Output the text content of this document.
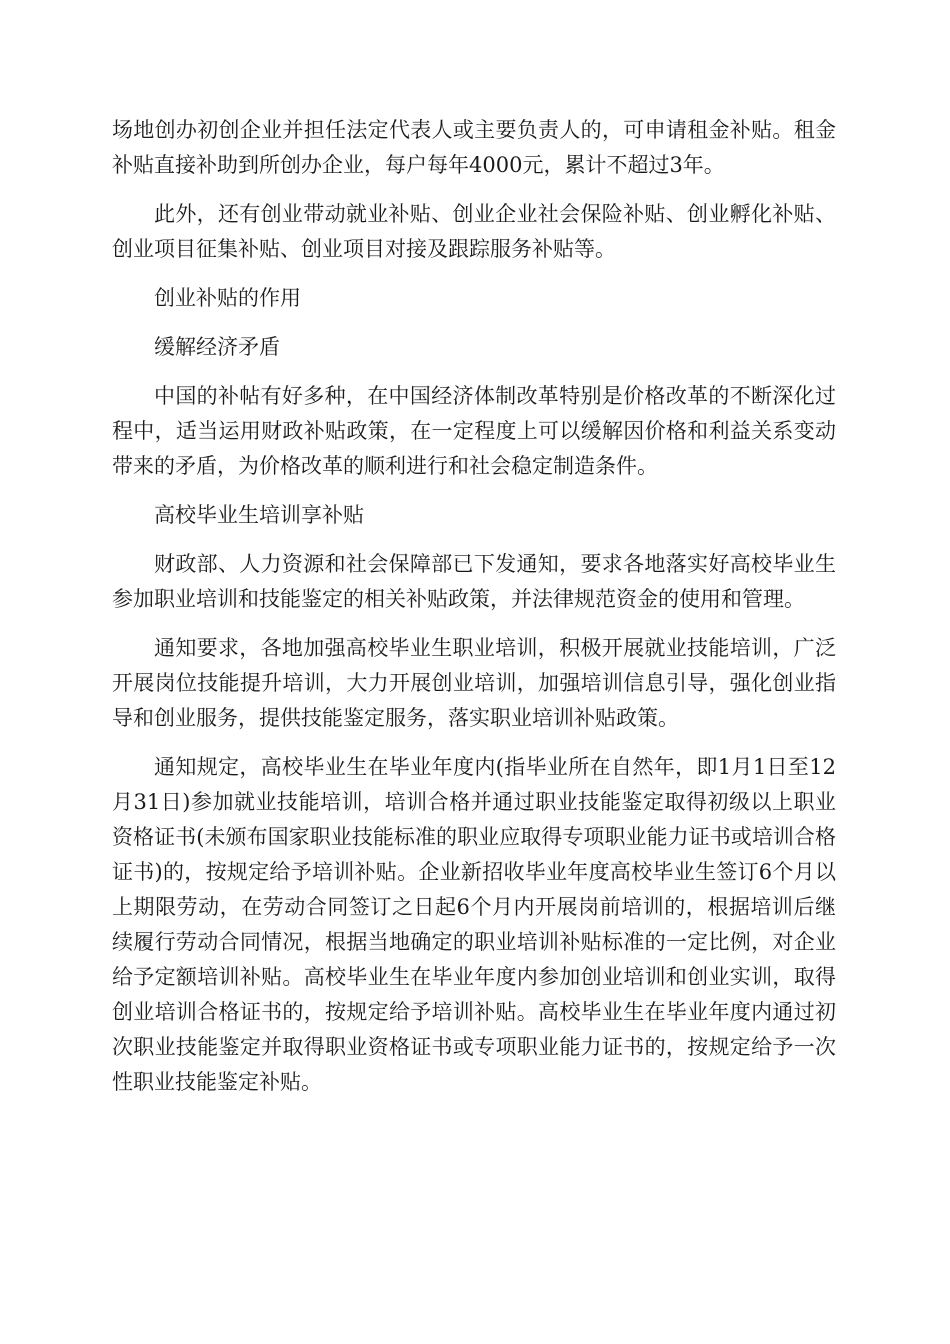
场地创办初创企业并担任法定代表人或主要负责人的，可申请租金补贴。租金补贴直接补助到所创办企业，每户每年4000元，累计不超过3年。

此外，还有创业带动就业补贴、创业企业社会保险补贴、创业孵化补贴、创业项目征集补贴、创业项目对接及跟踪服务补贴等。

创业补贴的作用

缓解经济矛盾

中国的补帖有好多种，在中国经济体制改革特别是价格改革的不断深化过程中，适当运用财政补贴政策，在一定程度上可以缓解因价格和利益关系变动带来的矛盾，为价格改革的顺利进行和社会稳定制造条件。

高校毕业生培训享补贴

财政部、人力资源和社会保障部已下发通知，要求各地落实好高校毕业生参加职业培训和技能鉴定的相关补贴政策，并法律规范资金的使用和管理。

通知要求，各地加强高校毕业生职业培训，积极开展就业技能培训，广泛开展岗位技能提升培训，大力开展创业培训，加强培训信息引导，强化创业指导和创业服务，提供技能鉴定服务，落实职业培训补贴政策。

通知规定，高校毕业生在毕业年度内(指毕业所在自然年，即1月1日至12月31日)参加就业技能培训，培训合格并通过职业技能鉴定取得初级以上职业资格证书(未颁布国家职业技能标准的职业应取得专项职业能力证书或培训合格证书)的，按规定给予培训补贴。企业新招收毕业年度高校毕业生签订6个月以上期限劳动，在劳动合同签订之日起6个月内开展岗前培训的，根据培训后继续履行劳动合同情况，根据当地确定的职业培训补贴标准的一定比例，对企业给予定额培训补贴。高校毕业生在毕业年度内参加创业培训和创业实训，取得创业培训合格证书的，按规定给予培训补贴。高校毕业生在毕业年度内通过初次职业技能鉴定并取得职业资格证书或专项职业能力证书的，按规定给予一次性职业技能鉴定补贴。
